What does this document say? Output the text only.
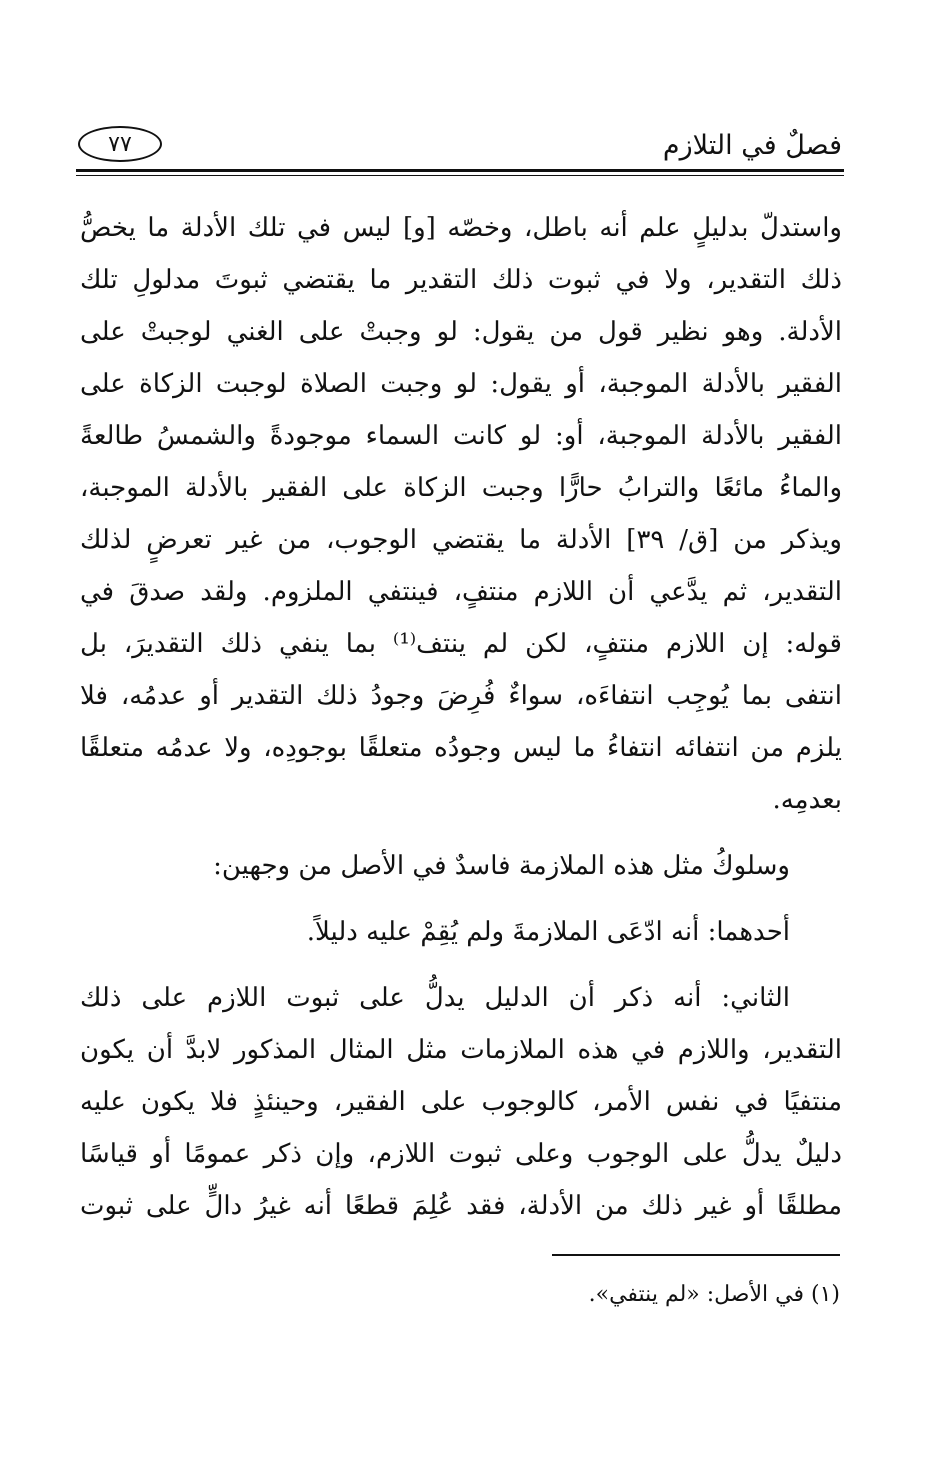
فصلٌ في التلازم
٧٧
واستدلّ بدليلٍ علم أنه باطل، وخصّه [و] ليس في تلك الأدلة ما يخصُّ
ذلك التقدير، ولا في ثبوت ذلك التقدير ما يقتضي ثبوتَ مدلولِ تلك
الأدلة. وهو نظير قول من يقول: لو وجبتْ على الغني لوجبتْ على
الفقير بالأدلة الموجبة، أو يقول: لو وجبت الصلاة لوجبت الزكاة على
الفقير بالأدلة الموجبة، أو: لو كانت السماء موجودةً والشمسُ طالعةً
والماءُ مائعًا والترابُ حارًّا وجبت الزكاة على الفقير بالأدلة الموجبة،
ويذكر من [ق/ ٣٩] الأدلة ما يقتضي الوجوب، من غير تعرضٍ لذلك
التقدير، ثم يدَّعي أن اللازم منتفٍ، فينتفي الملزوم. ولقد صدقَ في
قوله: إن اللازم منتفٍ، لكن لم ينتف⁽¹⁾ بما ينفي ذلك التقديرَ، بل
انتفى بما يُوجِب انتفاءَه، سواءٌ فُرِضَ وجودُ ذلك التقدير أو عدمُه، فلا
يلزم من انتفائه انتفاءُ ما ليس وجودُه متعلقًا بوجودِه، ولا عدمُه متعلقًا
بعدمِه.
وسلوكُ مثل هذه الملازمة فاسدٌ في الأصل من وجهين:
أحدهما: أنه ادّعَى الملازمةَ ولم يُقِمْ عليه دليلاً.
الثاني: أنه ذكر أن الدليل يدلُّ على ثبوت اللازم على ذلك
التقدير، واللازم في هذه الملازمات مثل المثال المذكور لابدَّ أن يكون
منتفيًا في نفس الأمر، كالوجوب على الفقير، وحينئذٍ فلا يكون عليه
دليلٌ يدلُّ على الوجوب وعلى ثبوت اللازم، وإن ذكر عمومًا أو قياسًا
مطلقًا أو غير ذلك من الأدلة، فقد عُلِمَ قطعًا أنه غيرُ دالٍّ على ثبوت
(١) في الأصل: «لم ينتفي».
